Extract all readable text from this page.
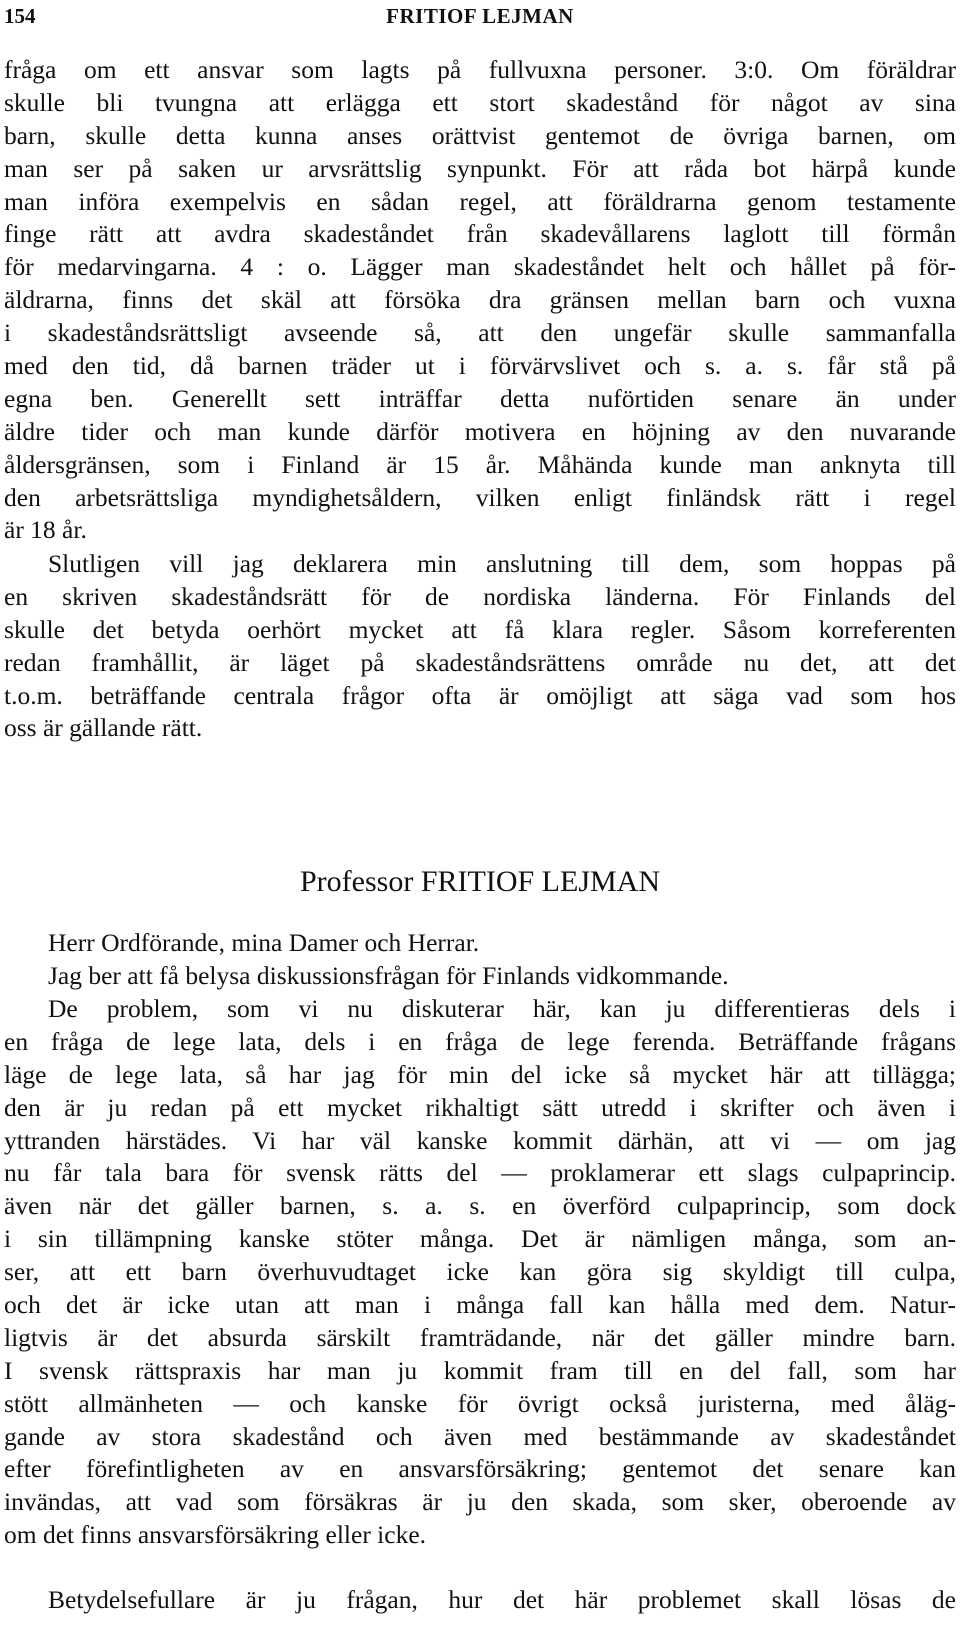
154	FRITIOF LEJMAN
fråga om ett ansvar som lagts på fullvuxna personer. 3:0. Om föräldrar
skulle bli tvungna att erlägga ett stort skadestånd för något av sina
barn, skulle detta kunna anses orättvist gentemot de övriga barnen, om
man ser på saken ur arvsrättslig synpunkt. För att råda bot härpå kunde
man införa exempelvis en sådan regel, att föräldrarna genom testamente
finge rätt att avdra skadeståndet från skadevållarens laglott till förmån
för medarvingarna. 4 : o. Lägger man skadeståndet helt och hållet på för-
äldrarna, finns det skäl att försöka dra gränsen mellan barn och vuxna
i skadeståndsrättsligt avseende så, att den ungefär skulle sammanfalla
med den tid, då barnen träder ut i förvärvslivet och s. a. s. får stå på
egna ben. Generellt sett inträffar detta nuförtiden senare än under
äldre tider och man kunde därför motivera en höjning av den nuvarande
åldersgränsen, som i Finland är 15 år. Måhända kunde man anknyta till
den arbetsrättsliga myndighetsåldern, vilken enligt finländsk rätt i regel
är 18 år.
Slutligen vill jag deklarera min anslutning till dem, som hoppas på
en skriven skadeståndsrätt för de nordiska länderna. För Finlands del
skulle det betyda oerhört mycket att få klara regler. Såsom korreferenten
redan framhållit, är läget på skadeståndsrättens område nu det, att det
t.o.m. beträffande centrala frågor ofta är omöjligt att säga vad som hos
oss är gällande rätt.
Professor FRITIOF LEJMAN
Herr Ordförande, mina Damer och Herrar.
Jag ber att få belysa diskussionsfrågan för Finlands vidkommande.
De problem, som vi nu diskuterar här, kan ju differentieras dels i
en fråga de lege lata, dels i en fråga de lege ferenda. Beträffande frågans
läge de lege lata, så har jag för min del icke så mycket här att tillägga;
den är ju redan på ett mycket rikhaltigt sätt utredd i skrifter och även i
yttranden härstädes. Vi har väl kanske kommit därhän, att vi — om jag
nu får tala bara för svensk rätts del — proklamerar ett slags culpaprincip.
även när det gäller barnen, s. a. s. en överförd culpaprincip, som dock
i sin tillämpning kanske stöter många. Det är nämligen många, som an-
ser, att ett barn överhuvudtaget icke kan göra sig skyldigt till culpa,
och det är icke utan att man i många fall kan hålla med dem. Natur-
ligtvis är det absurda särskilt framträdande, när det gäller mindre barn.
I svensk rättspraxis har man ju kommit fram till en del fall, som har
stött allmänheten — och kanske för övrigt också juristerna, med åläg-
gande av stora skadestånd och även med bestämmande av skadeståndet
efter förefintligheten av en ansvarsförsäkring; gentemot det senare kan
invändas, att vad som försäkras är ju den skada, som sker, oberoende av
om det finns ansvarsförsäkring eller icke.
Betydelsefullare är ju frågan, hur det här problemet skall lösas de
